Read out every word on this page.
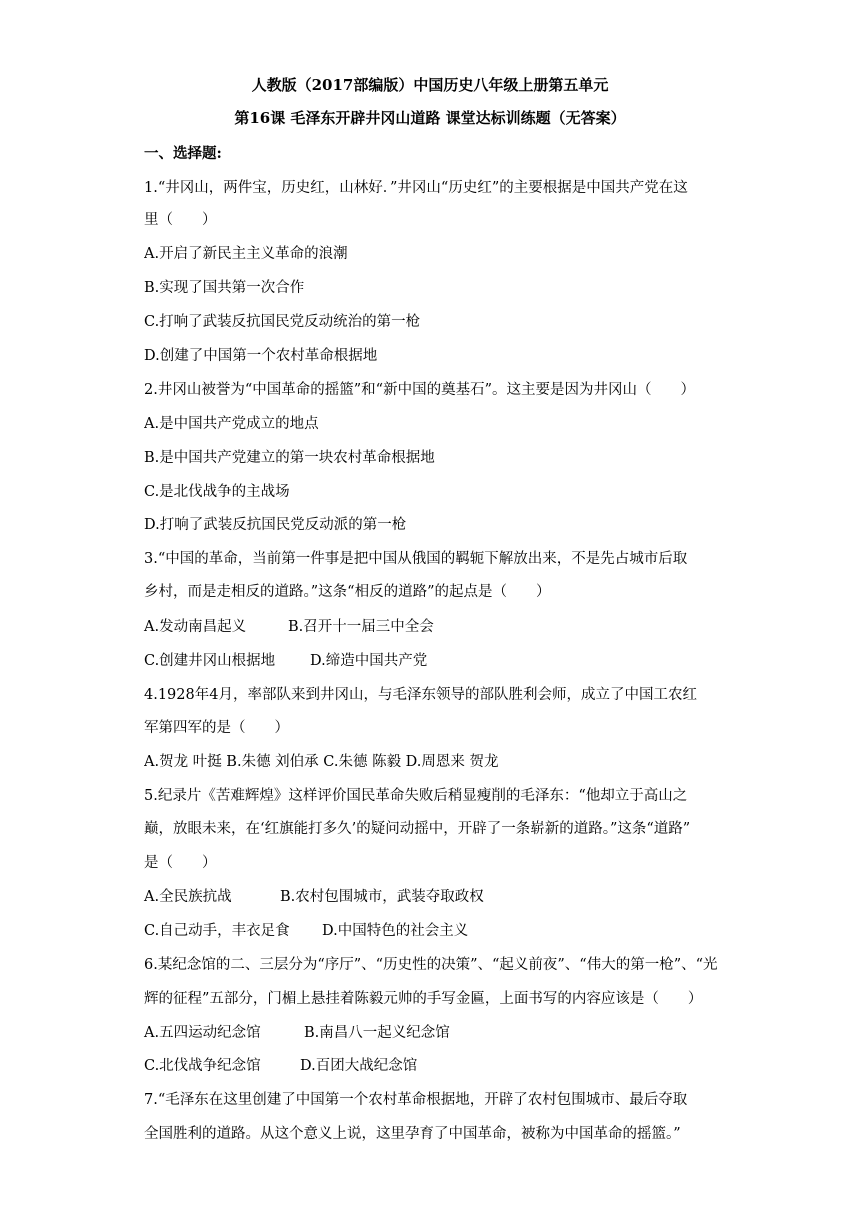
人教版（2017部编版）中国历史八年级上册第五单元
第16课 毛泽东开辟井冈山道路 课堂达标训练题（无答案）
一、选择题:
1.“井冈山，两件宝，历史红，山林好．”井冈山“历史红”的主要根据是中国共产党在这
里（　　）
A.开启了新民主主义革命的浪潮
B.实现了国共第一次合作
C.打响了武装反抗国民党反动统治的第一枪
D.创建了中国第一个农村革命根据地
2.井冈山被誉为“中国革命的摇篮”和“新中国的奠基石”。这主要是因为井冈山（　　）
A.是中国共产党成立的地点
B.是中国共产党建立的第一块农村革命根据地
C.是北伐战争的主战场
D.打响了武装反抗国民党反动派的第一枪
3.“中国的革命，当前第一件事是把中国从俄国的羁轭下解放出来，不是先占城市后取
乡村，而是走相反的道路。”这条“相反的道路”的起点是（　　）
A.发动南昌起义	B.召开十一届三中全会
C.创建井冈山根据地 D.缔造中国共产党
4.1928年4月，率部队来到井冈山，与毛泽东领导的部队胜利会师，成立了中国工农红
军第四军的是（　　）
A.贺龙 叶挺 B.朱德 刘伯承 C.朱德 陈毅 D.周恩来 贺龙
5.纪录片《苦难辉煌》这样评价国民革命失败后稍显瘦削的毛泽东：“他却立于高山之
巅，放眼未来，在‘红旗能打多久’的疑问动摇中，开辟了一条崭新的道路。”这条“道路”
是（　　）
A.全民族抗战	B.农村包围城市，武装夺取政权
C.自己动手，丰衣足食 D.中国特色的社会主义
6.某纪念馆的二、三层分为“序厅”、“历史性的决策”、“起义前夜”、“伟大的第一枪”、“光
辉的征程”五部分，门楣上悬挂着陈毅元帅的手写金匾，上面书写的内容应该是（　　）
A.五四运动纪念馆	B.南昌八一起义纪念馆
C.北伐战争纪念馆	D.百团大战纪念馆
7.“毛泽东在这里创建了中国第一个农村革命根据地，开辟了农村包围城市、最后夺取
全国胜利的道路。从这个意义上说，这里孕育了中国革命，被称为中国革命的摇篮。”
